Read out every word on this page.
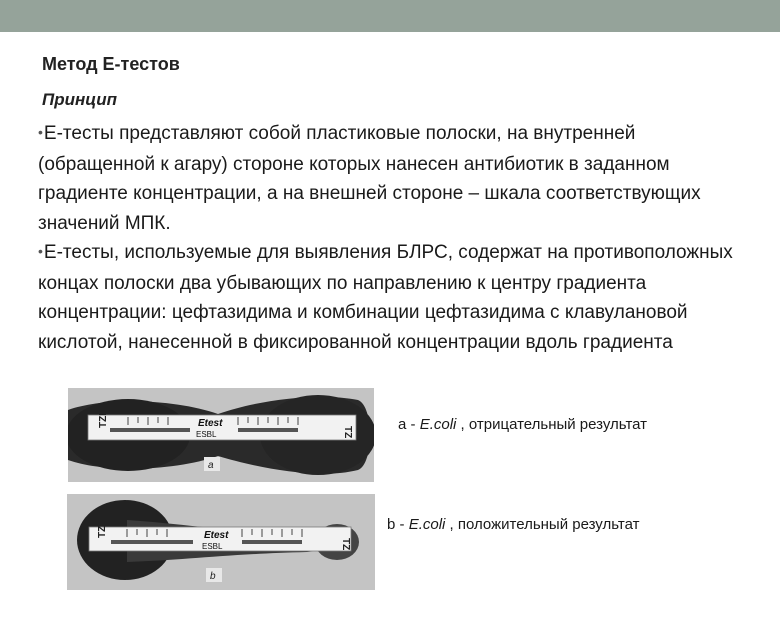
Метод Е-тестов
Принцип
•Е-тесты представляют собой пластиковые полоски, на внутренней (обращенной к агару) стороне которых нанесен антибиотик в заданном градиенте концентрации, а на внешней стороне – шкала соответствующих значений МПК.
•Е-тесты, используемые для выявления БЛРС, содержат на противоположных концах полоски два убывающих по направлению к центру градиента концентрации: цефтазидима и комбинации цефтазидима с клавулановой кислотой, нанесенной в фиксированной концентрации вдоль градиента
TZL
TZ
Etest
ESBL
a
TZL
TZ
Etest
ESBL
b
a - E.coli , отрицательный результат
b - E.coli , положительный результат
